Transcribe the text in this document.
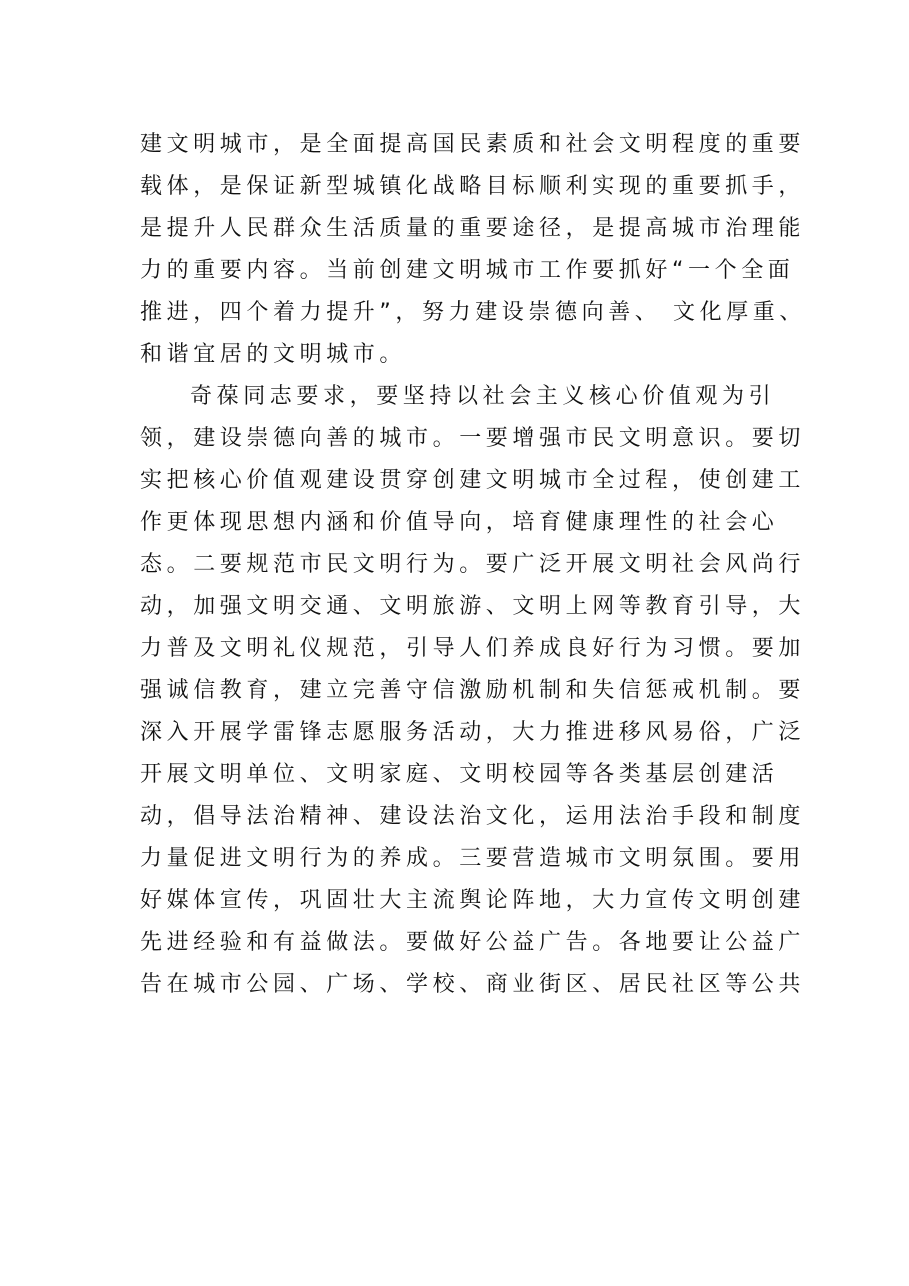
建文明城市，是全面提高国民素质和社会文明程度的重要
载体，是保证新型城镇化战略目标顺利实现的重要抓手，
是提升人民群众生活质量的重要途径，是提高城市治理能
力的重要内容。当前创建文明城市工作要抓好“一个全面
推进，四个着力提升”，努力建设崇德向善、 文化厚重、
和谐宜居的文明城市。
奇葆同志要求，要坚持以社会主义核心价值观为引
领，建设崇德向善的城市。一要增强市民文明意识。要切
实把核心价值观建设贯穿创建文明城市全过程，使创建工
作更体现思想内涵和价值导向，培育健康理性的社会心
态。二要规范市民文明行为。要广泛开展文明社会风尚行
动，加强文明交通、文明旅游、文明上网等教育引导，大
力普及文明礼仪规范，引导人们养成良好行为习惯。要加
强诚信教育，建立完善守信激励机制和失信惩戒机制。要
深入开展学雷锋志愿服务活动，大力推进移风易俗，广泛
开展文明单位、文明家庭、文明校园等各类基层创建活
动，倡导法治精神、建设法治文化，运用法治手段和制度
力量促进文明行为的养成。三要营造城市文明氛围。要用
好媒体宣传，巩固壮大主流舆论阵地，大力宣传文明创建
先进经验和有益做法。要做好公益广告。各地要让公益广
告在城市公园、广场、学校、商业街区、居民社区等公共
